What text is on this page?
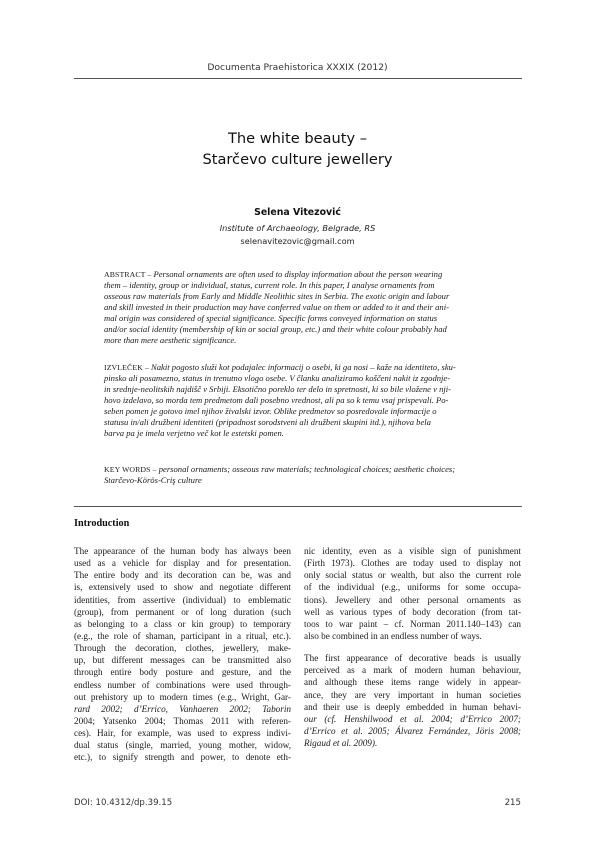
Documenta Praehistorica XXXIX (2012)
The white beauty –
Starčevo culture jewellery
Selena Vitezović
Institute of Archaeology, Belgrade, RS
selenavitezovic@gmail.com
ABSTRACT – Personal ornaments are often used to display information about the person wearing
them – identity, group or individual, status, current role. In this paper, I analyse ornaments from
osseous raw materials from Early and Middle Neolithic sites in Serbia. The exotic origin and labour
and skill invested in their production may have conferred value on them or added to it and their ani-
mal origin was considered of special significance. Specific forms conveyed information on status
and/or social identity (membership of kin or social group, etc.) and their white colour probably had
more than mere aesthetic significance.
IZVLEČEK – Nakit pogosto služi kot podajalec informacij o osebi, ki ga nosi – kaže na identiteto, sku-
pinsko ali posamezno, status in trenutno vlogo osebe. V članku analiziramo koščeni nakit iz zgodnje-
in srednje-neolitskih najdišč v Srbiji. Eksotično poreklo ter delo in spretnosti, ki so bile vložene v nji-
hovo izdelavo, so morda tem predmetom dali posebno vrednost, ali pa so k temu vsaj prispevali. Po-
seben pomen je gotovo imel njihov živalski izvor. Oblike predmetov so posredovale informacije o
statusu in/ali družbeni identiteti (pripadnost sorodstveni ali družbeni skupini itd.), njihova bela
barva pa je imela verjetno več kot le estetski pomen.
KEY WORDS – personal ornaments; osseous raw materials; technological choices; aesthetic choices;
Starčevo-Körös-Criş culture
Introduction
The appearance of the human body has always been
used as a vehicle for display and for presentation.
The entire body and its decoration can be, was and
is, extensively used to show and negotiate different
identities, from assertive (individual) to emblematic
(group), from permanent or of long duration (such
as belonging to a class or kin group) to temporary
(e.g., the role of shaman, participant in a ritual, etc.).
Through the decoration, clothes, jewellery, make-
up, but different messages can be transmitted also
through entire body posture and gesture, and the
endless number of combinations were used through-
out prehistory up to modern times (e.g., Wright, Gar-
rard 2002; d’Errico, Vanhaeren 2002; Taborin
2004; Yatsenko 2004; Thomas 2011 with referen-
ces). Hair, for example, was used to express indivi-
dual status (single, married, young mother, widow,
etc.), to signify strength and power, to denote eth-
nic identity, even as a visible sign of punishment
(Firth 1973). Clothes are today used to display not
only social status or wealth, but also the current role
of the individual (e.g., uniforms for some occupa-
tions). Jewellery and other personal ornaments as
well as various types of body decoration (from tat-
toos to war paint – cf. Norman 2011.140–143) can
also be combined in an endless number of ways.
The first appearance of decorative beads is usually
perceived as a mark of modern human behaviour,
and although these items range widely in appear-
ance, they are very important in human societies
and their use is deeply embedded in human behavi-
our (cf. Henshilwood et al. 2004; d’Errico 2007;
d’Errico et al. 2005; Álvarez Fernández, Jöris 2008;
Rigaud et al. 2009).
DOI: 10.4312/dp.39.15	215
